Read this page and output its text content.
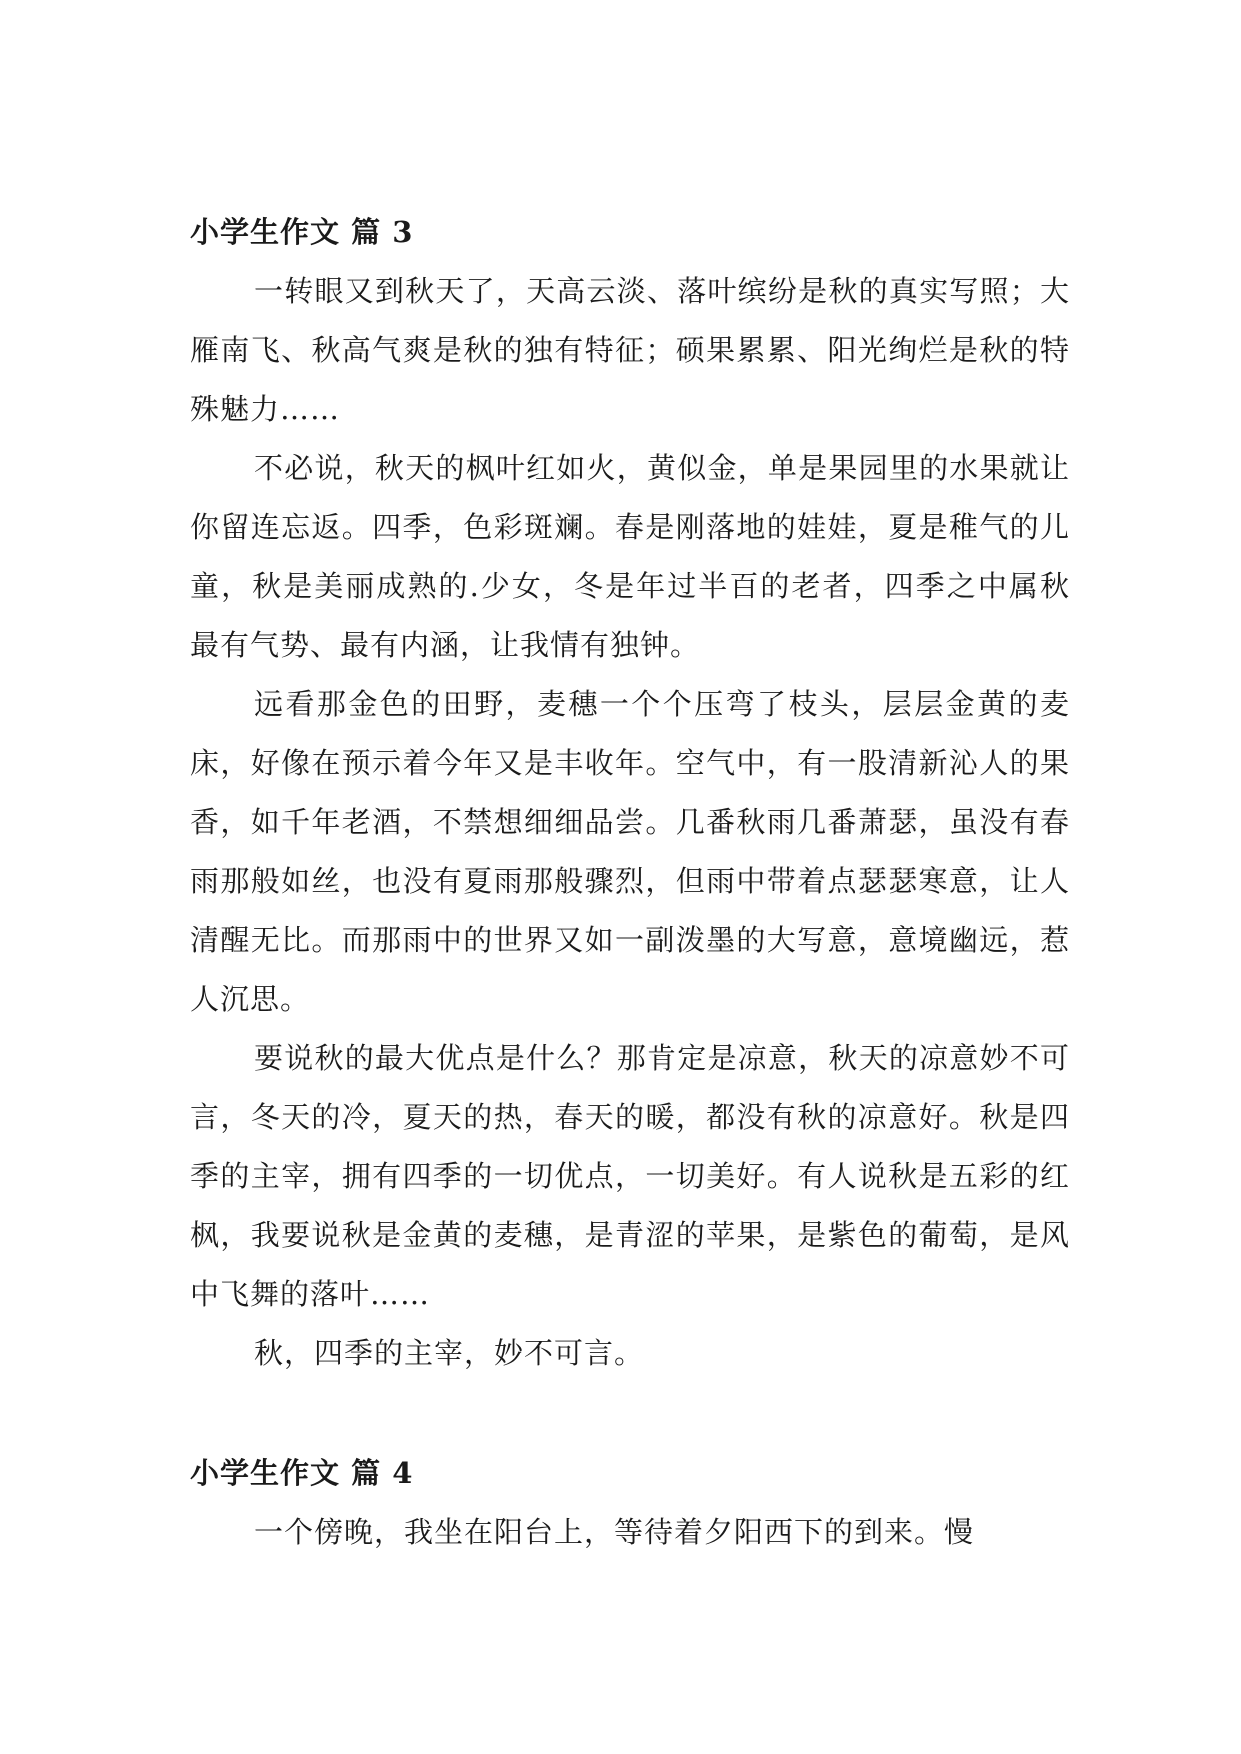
小学生作文 篇 3

一转眼又到秋天了，天高云淡、落叶缤纷是秋的真实写照；大雁南飞、秋高气爽是秋的独有特征；硕果累累、阳光绚烂是秋的特殊魅力……

不必说，秋天的枫叶红如火，黄似金，单是果园里的水果就让你留连忘返。四季，色彩斑斓。春是刚落地的娃娃，夏是稚气的儿童，秋是美丽成熟的.少女，冬是年过半百的老者，四季之中属秋最有气势、最有内涵，让我情有独钟。

远看那金色的田野，麦穗一个个压弯了枝头，层层金黄的麦床，好像在预示着今年又是丰收年。空气中，有一股清新沁人的果香，如千年老酒，不禁想细细品尝。几番秋雨几番萧瑟，虽没有春雨那般如丝，也没有夏雨那般骤烈，但雨中带着点瑟瑟寒意，让人清醒无比。而那雨中的世界又如一副泼墨的大写意，意境幽远，惹人沉思。

要说秋的最大优点是什么？那肯定是凉意，秋天的凉意妙不可言，冬天的冷，夏天的热，春天的暖，都没有秋的凉意好。秋是四季的主宰，拥有四季的一切优点，一切美好。有人说秋是五彩的红枫，我要说秋是金黄的麦穗，是青涩的苹果，是紫色的葡萄，是风中飞舞的落叶……

秋，四季的主宰，妙不可言。

小学生作文 篇 4

一个傍晚，我坐在阳台上，等待着夕阳西下的到来。慢
